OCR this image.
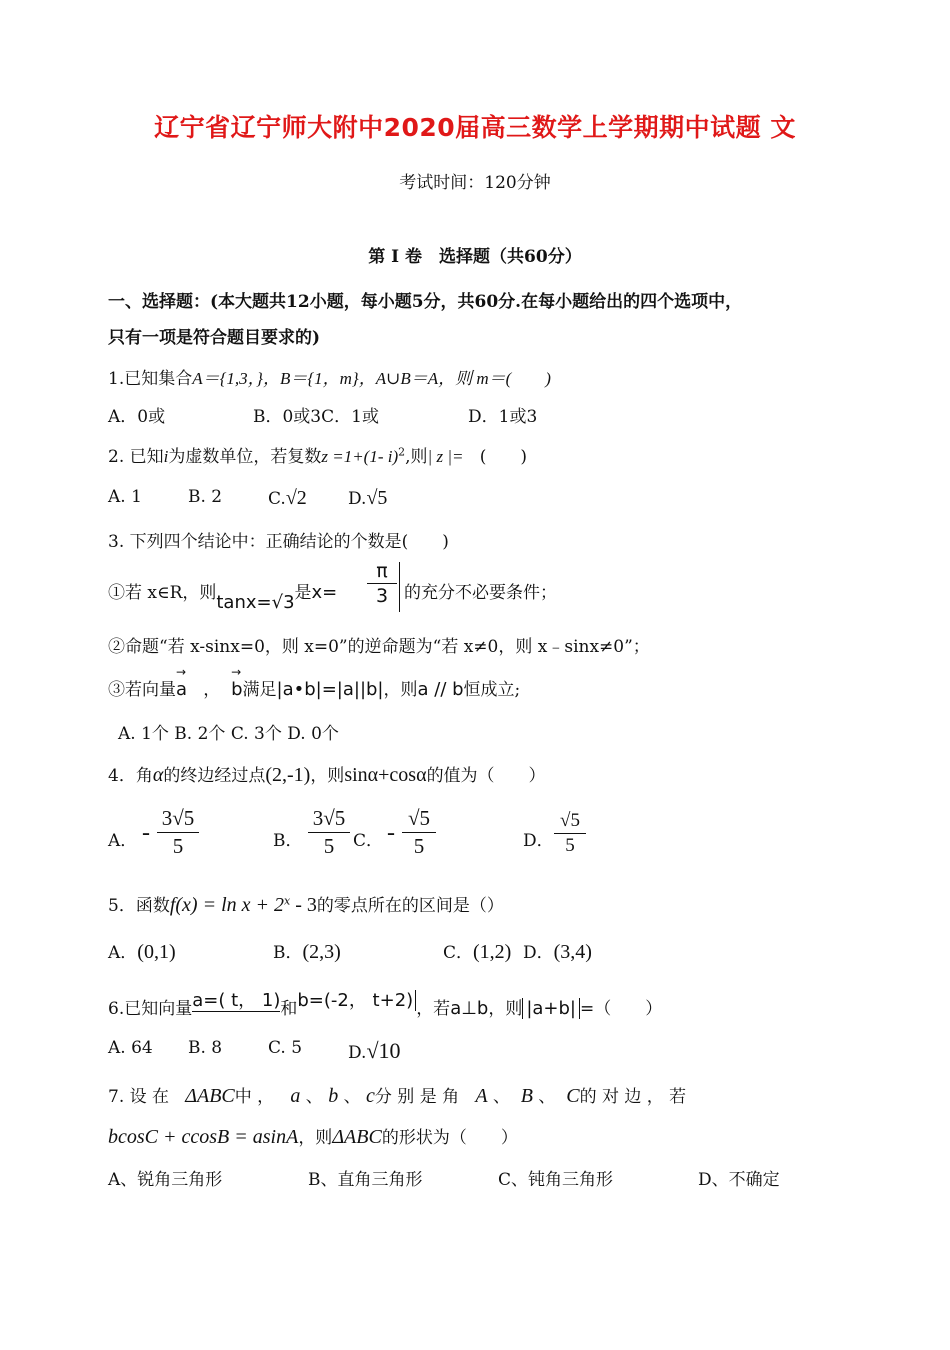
辽宁省辽宁师大附中2020届高三数学上学期期中试题 文
考试时间：120分钟
第 Ⅰ 卷　选择题（共60分）
一、选择题：(本大题共12小题，每小题5分，共60分.在每小题给出的四个选项中，
只有一项是符合题目要求的)
1.已知集合A＝{1,3，}，B＝{1，m}，A∪B＝A，则 m＝(　　)
A．0或	B．0或3C．1或	D．1或3
2. 已知i为虚数单位，若复数z =1+(1- i)$^2$,则| z |= (　　)
A. 1	B. 2	C.√2 D.√5
3. 下列四个结论中：正确结论的个数是(　　)
①若 x∈R，则tanx=√3是x=
π
3 的充分不必要条件；
②命题“若 x-sinx=0，则 x=0”的逆命题为“若 x≠0，则 x﹣sinx≠0”；
③若向量→ a ，  → b满足|a•b|=|a||b|，则a // b恒成立;
A. 1个 B. 2个 C. 3个 D. 0个
4．角α的终边经过点(2,-1)，则sinα+cosα的值为（　　）
A． -
3√5
5	B．
3√5
5	C． -
√5
5	D．
√5
5
5．函数$f(x) = \ln x + 2^x - 3$的零点所在的区间是（）
A．(0,1)	B．(2,3)	C．(1,2) D．(3,4)
6.已知向量a=( t， 1)和b=(-2， t+2) ，若a⊥b，则 |a+b| =（　　）
A. 64 B. 8	C. 5	D.√10
7. 设 在 ΔABC中 ， a 、 b 、 c分 别 是 角 A 、 B 、 C的 对 边 ， 若
bcosC + ccosB = asinA，则ΔABC的形状为（　　）
A、锐角三角形	B、直角三角形	C、钝角三角形	D、不确定
